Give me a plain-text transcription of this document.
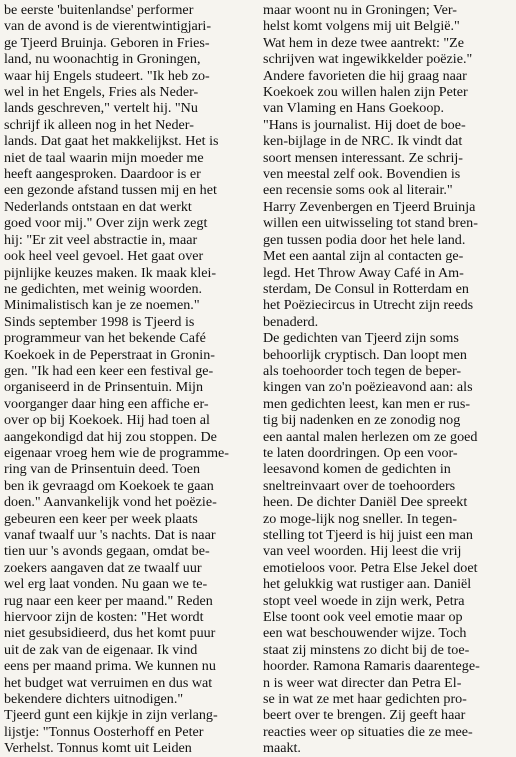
be eerste 'buitenlandse' performer
van de avond is de vierentwintigjari-
ge Tjeerd Bruinja. Geboren in Fries-
land, nu woonachtig in Groningen,
waar hij Engels studeert. "Ik heb zo-
wel in het Engels, Fries als Neder-
lands geschreven," vertelt hij. "Nu
schrijf ik alleen nog in het Neder-
lands. Dat gaat het makkelijkst. Het is
niet de taal waarin mijn moeder me
heeft aangesproken. Daardoor is er
een gezonde afstand tussen mij en het
Nederlands ontstaan en dat werkt
goed voor mij." Over zijn werk zegt
hij: "Er zit veel abstractie in, maar
ook heel veel gevoel. Het gaat over
pijnlijke keuzes maken. Ik maak klei-
ne gedichten, met weinig woorden.
Minimalistisch kan je ze noemen."
Sinds september 1998 is Tjeerd is
programmeur van het bekende Café
Koekoek in de Peperstraat in Gronin-
gen. "Ik had een keer een festival ge-
organiseerd in de Prinsentuin. Mijn
voorganger daar hing een affiche er-
over op bij Koekoek. Hij had toen al
aangekondigd dat hij zou stoppen. De
eigenaar vroeg hem wie de programme-
ring van de Prinsentuin deed. Toen
ben ik gevraagd om Koekoek te gaan
doen." Aanvankelijk vond het poëzie-
gebeuren een keer per week plaats
vanaf twaalf uur 's nachts. Dat is naar
tien uur 's avonds gegaan, omdat be-
zoekers aangaven dat ze twaalf uur
wel erg laat vonden. Nu gaan we te-
rug naar een keer per maand." Reden
hiervoor zijn de kosten: "Het wordt
niet gesubsidieerd, dus het komt puur
uit de zak van de eigenaar. Ik vind
eens per maand prima. We kunnen nu
het budget wat verruimen en dus wat
bekendere dichters uitnodigen."
Tjeerd gunt een kijkje in zijn verlang-
lijstje: "Tonnus Oosterhoff en Peter
Verhelst. Tonnus komt uit Leiden
maar woont nu in Groningen; Ver-
helst komt volgens mij uit België."
Wat hem in deze twee aantrekt: "Ze
schrijven wat ingewikkelder poëzie."
Andere favorieten die hij graag naar
Koekoek zou willen halen zijn Peter
van Vlaming en Hans Goekoop.
"Hans is journalist. Hij doet de boe-
ken-bijlage in de NRC. Ik vindt dat
soort mensen interessant. Ze schrij-
ven meestal zelf ook. Bovendien is
een recensie soms ook al literair."
Harry Zevenbergen en Tjeerd Bruinja
willen een uitwisseling tot stand bren-
gen tussen podia door het hele land.
Met een aantal zijn al contacten ge-
legd. Het Throw Away Café in Am-
sterdam, De Consul in Rotterdam en
het Poëziecircus in Utrecht zijn reeds
benaderd.
De gedichten van Tjeerd zijn soms
behoorlijk cryptisch. Dan loopt men
als toehoorder toch tegen de beper-
kingen van zo'n poëzieavond aan: als
men gedichten leest, kan men er rus-
tig bij nadenken en ze zonodig nog
een aantal malen herlezen om ze goed
te laten doordringen. Op een voor-
leesavond komen de gedichten in
sneltreinvaart over de toehoorders
heen. De dichter Daniël Dee spreekt
zo moge-lijk nog sneller. In tegen-
stelling tot Tjeerd is hij juist een man
van veel woorden. Hij leest die vrij
emotieloos voor. Petra Else Jekel doet
het gelukkig wat rustiger aan. Daniël
stopt veel woede in zijn werk, Petra
Else toont ook veel emotie maar op
een wat beschouwender wijze. Toch
staat zij minstens zo dicht bij de toe-
hoorder. Ramona Ramaris daarentege-
n is weer wat directer dan Petra El-
se in wat ze met haar gedichten pro-
beert over te brengen. Zij geeft haar
reacties weer op situaties die ze mee-
maakt.
